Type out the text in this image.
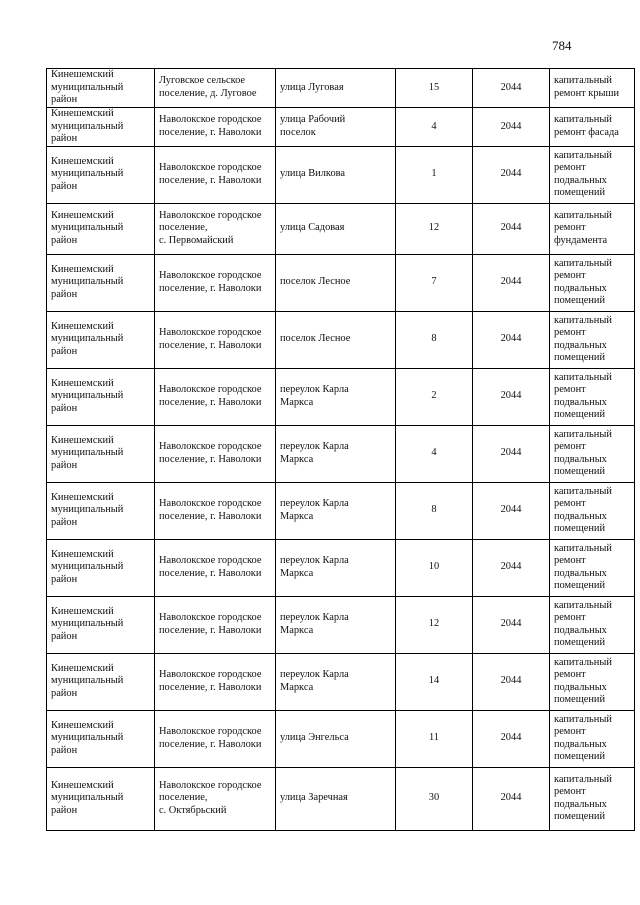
784
Кинешемский
муниципальный
район	Луговское сельское
поселение, д. Луговое	улица Луговая	15	2044	капитальный
ремонт крыши

Кинешемский
муниципальный
район	Наволокское городское
поселение, г. Наволоки	улица Рабочий
поселок	4	2044	капитальный
ремонт фасада

Кинешемский
муниципальный
район	Наволокское городское
поселение, г. Наволоки	улица Вилкова	1	2044	капитальный
ремонт
подвальных
помещений

Кинешемский
муниципальный
район	Наволокское городское
поселение,
с. Первомайский	улица Садовая	12	2044	капитальный
ремонт
фундамента

Кинешемский
муниципальный
район	Наволокское городское
поселение, г. Наволоки	поселок Лесное	7	2044	капитальный
ремонт
подвальных
помещений

Кинешемский
муниципальный
район	Наволокское городское
поселение, г. Наволоки	поселок Лесное	8	2044	капитальный
ремонт
подвальных
помещений

Кинешемский
муниципальный
район	Наволокское городское
поселение, г. Наволоки	переулок Карла
Маркса	2	2044	капитальный
ремонт
подвальных
помещений

Кинешемский
муниципальный
район	Наволокское городское
поселение, г. Наволоки	переулок Карла
Маркса	4	2044	капитальный
ремонт
подвальных
помещений

Кинешемский
муниципальный
район	Наволокское городское
поселение, г. Наволоки	переулок Карла
Маркса	8	2044	капитальный
ремонт
подвальных
помещений

Кинешемский
муниципальный
район	Наволокское городское
поселение, г. Наволоки	переулок Карла
Маркса	10	2044	капитальный
ремонт
подвальных
помещений

Кинешемский
муниципальный
район	Наволокское городское
поселение, г. Наволоки	переулок Карла
Маркса	12	2044	капитальный
ремонт
подвальных
помещений

Кинешемский
муниципальный
район	Наволокское городское
поселение, г. Наволоки	переулок Карла
Маркса	14	2044	капитальный
ремонт
подвальных
помещений

Кинешемский
муниципальный
район	Наволокское городское
поселение, г. Наволоки	улица Энгельса	11	2044	капитальный
ремонт
подвальных
помещений

Кинешемский
муниципальный
район	Наволокское городское
поселение,
с. Октябрьский	улица Заречная	30	2044	капитальный
ремонт
подвальных
помещений
